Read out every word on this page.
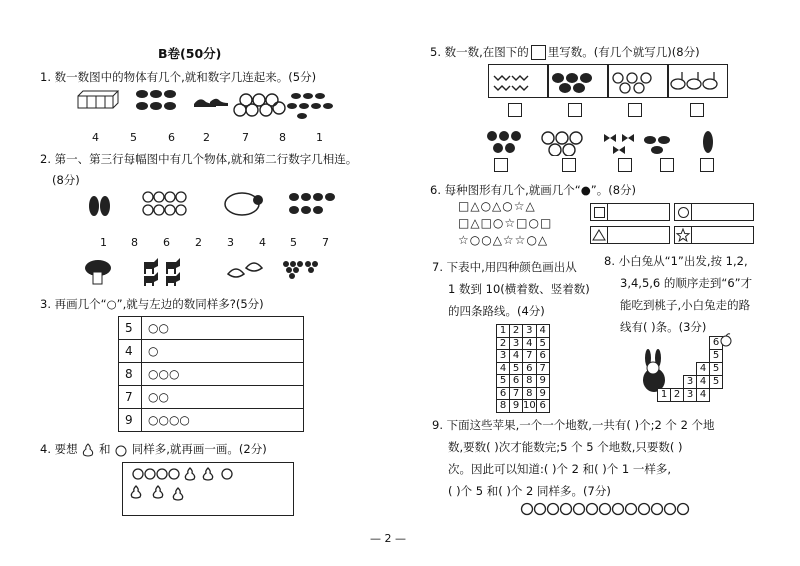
B卷(50分)
1. 数一数图中的物体有几个,就和数字几连起来。(5分)
4	5	6	2	7	8	1
2. 第一、第三行每幅图中有几个物体,就和第二行数字几相连。
(8分)
1 8 6 2 3 4 5 7
3. 再画几个“○”,就与左边的数同样多?(5分)
5	○○
4	○
8	○○○
7	○○
9	○○○○
4. 要想 和 同样多,就再画一画。(2分)
5. 数一数,在图下的 里写数。(有几个就写几)(8分)
6. 每种图形有几个,就画几个“●”。(8分)
□△○△○☆△
□△□○☆□○□
☆○○△☆☆○△
7. 下表中,用四种颜色画出从
1 数到 10(横着数、竖着数)
的四条路线。(4分)
1	2	3	4
2	3	4	5
3	4	7	6
4	5	6	7
5	6	8	9
6	7	8	9
8	9	10	6
8. 小白兔从“1”出发,按 1,2,
3,4,5,6 的顺序走到“6”才
能吃到桃子,小白兔走的路
线有( )条。(3分)
6
5
4 5
3 4 5
1 2 3 4
9. 下面这些苹果,一个一个地数,一共有( )个;2 个 2 个地
数,要数( )次才能数完;5 个 5 个地数,只要数( )
次。因此可以知道:( )个 2 和( )个 1 一样多,
( )个 5 和( )个 2 同样多。(7分)
— 2 —
